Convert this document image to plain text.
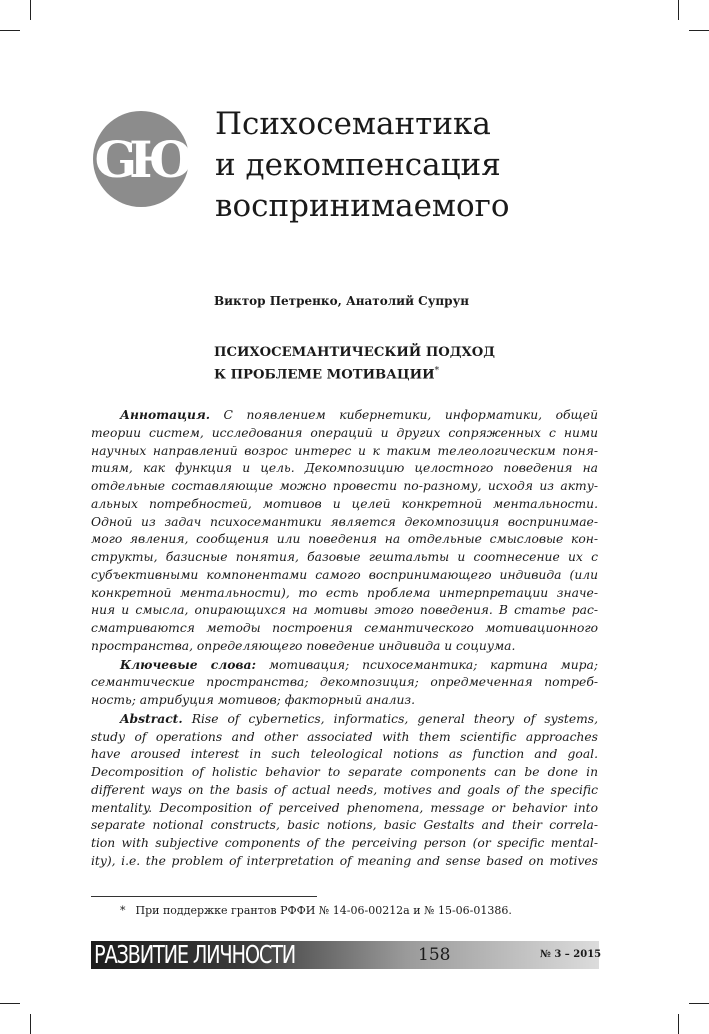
GЮ
Психосемантика
и декомпенсация
воспринимаемого
Виктор Петренко, Анатолий Супрун
ПСИХОСЕМАНТИЧЕСКИЙ ПОДХОД
К ПРОБЛЕМЕ МОТИВАЦИИ*
Аннотация. С появлением кибернетики, информатики, общей
теории систем, исследования операций и других сопряженных с ними
научных направлений возрос интерес и к таким телеологическим поня-
тиям, как функция и цель. Декомпозицию целостного поведения на
отдельные составляющие можно провести по-разному, исходя из акту-
альных потребностей, мотивов и целей конкретной ментальности.
Одной из задач психосемантики является декомпозиция воспринимае-
мого явления, сообщения или поведения на отдельные смысловые кон-
структы, базисные понятия, базовые гештальты и соотнесение их с
субъективными компонентами самого воспринимающего индивида (или
конкретной ментальности), то есть проблема интерпретации значе-
ния и смысла, опирающихся на мотивы этого поведения. В статье рас-
сматриваются методы построения семантического мотивационного
пространства, определяющего поведение индивида и социума.
Ключевые слова: мотивация; психосемантика; картина мира;
семантические пространства; декомпозиция; опредмеченная потреб-
ность; атрибуция мотивов; факторный анализ.
Abstract. Rise of cybernetics, informatics, general theory of systems,
study of operations and other associated with them scientific approaches
have aroused interest in such teleological notions as function and goal.
Decomposition of holistic behavior to separate components can be done in
different ways on the basis of actual needs, motives and goals of the specific
mentality. Decomposition of perceived phenomena, message or behavior into
separate notional constructs, basic notions, basic Gestalts and their correla-
tion with subjective components of the perceiving person (or specific mental-
ity), i.e. the problem of interpretation of meaning and sense based on motives
* При поддержке грантов РФФИ № 14-06-00212а и № 15-06-01386.
РАЗВИТИЕ ЛИЧНОСТИ	158	№ 3 – 2015
